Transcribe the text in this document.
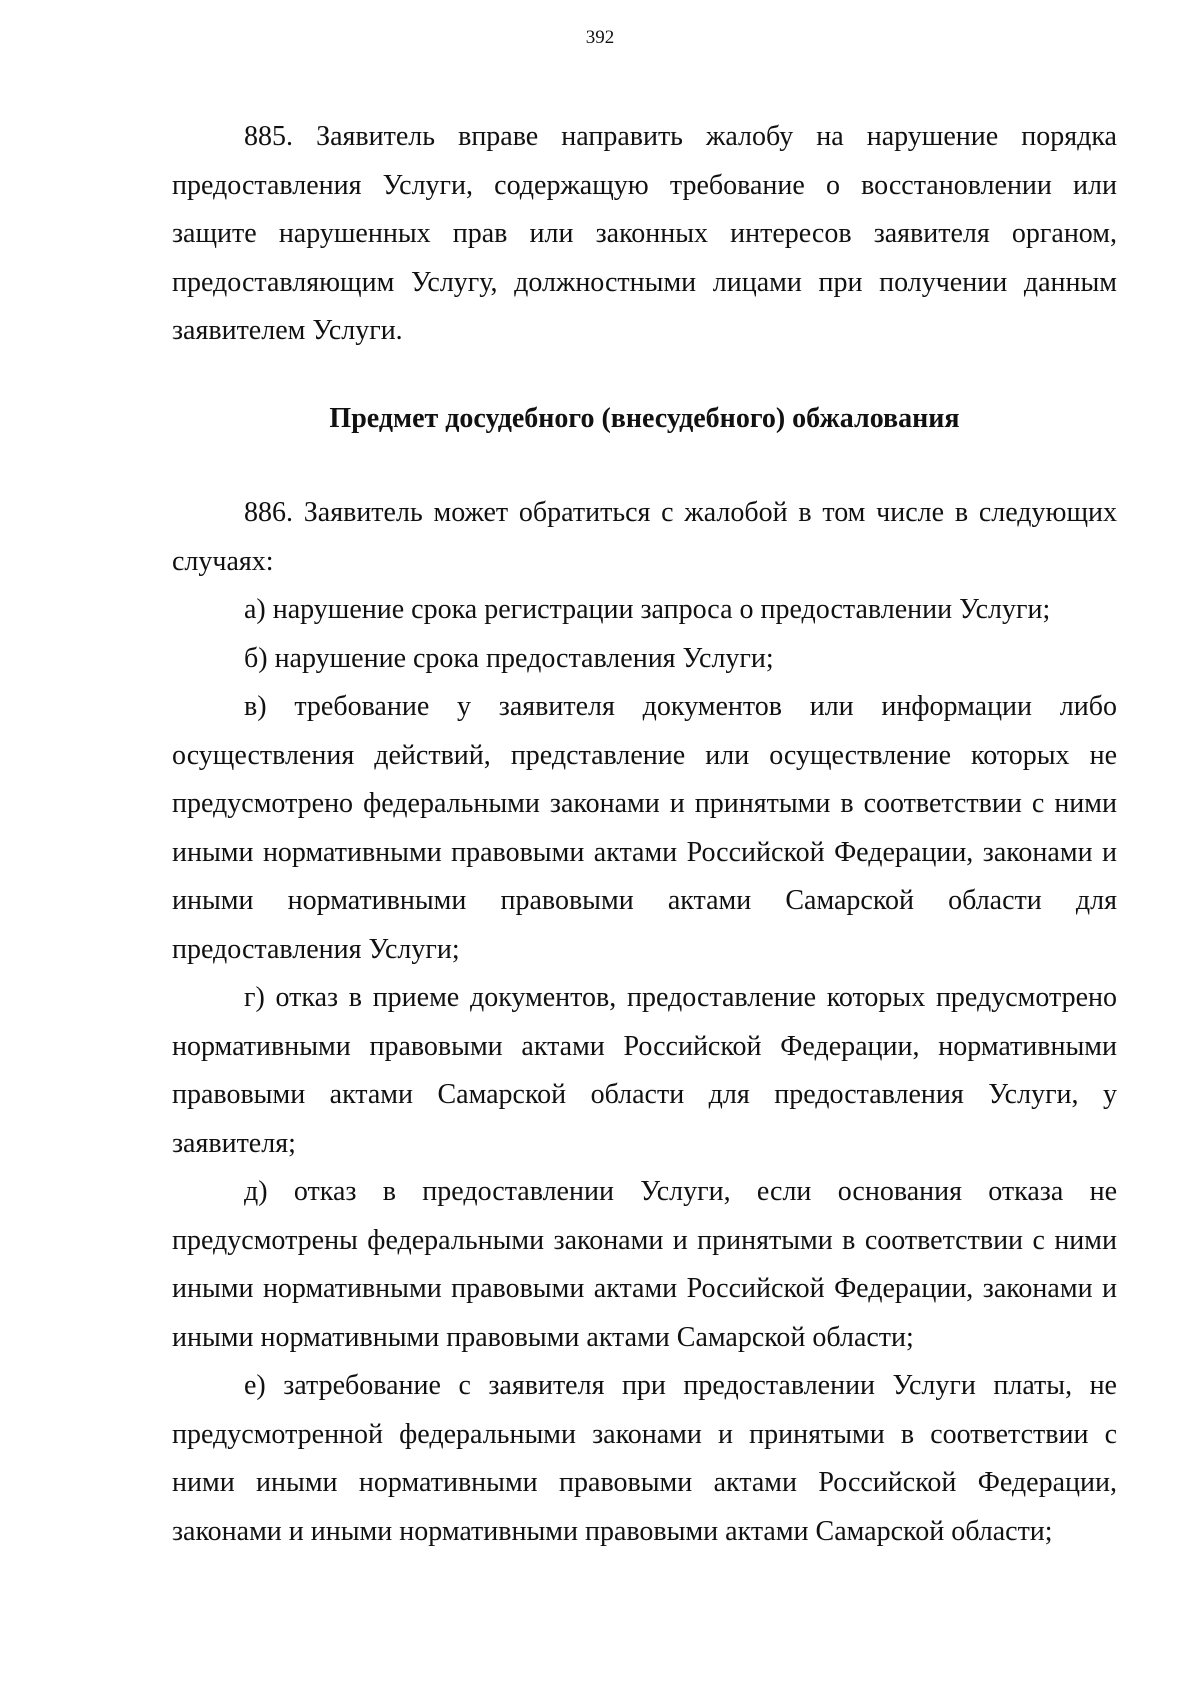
392

885. Заявитель вправе направить жалобу на нарушение порядка предоставления Услуги, содержащую требование о восстановлении или защите нарушенных прав или законных интересов заявителя органом, предоставляющим Услугу, должностными лицами при получении данным заявителем Услуги.

Предмет досудебного (внесудебного) обжалования

886. Заявитель может обратиться с жалобой в том числе в следующих случаях:

а) нарушение срока регистрации запроса о предоставлении Услуги;

б) нарушение срока предоставления Услуги;

в) требование у заявителя документов или информации либо осуществления действий, представление или осуществление которых не предусмотрено федеральными законами и принятыми в соответствии с ними иными нормативными правовыми актами Российской Федерации, законами и иными нормативными правовыми актами Самарской области для предоставления Услуги;

г) отказ в приеме документов, предоставление которых предусмотрено нормативными правовыми актами Российской Федерации, нормативными правовыми актами Самарской области для предоставления Услуги, у заявителя;

д) отказ в предоставлении Услуги, если основания отказа не предусмотрены федеральными законами и принятыми в соответствии с ними иными нормативными правовыми актами Российской Федерации, законами и иными нормативными правовыми актами Самарской области;

е) затребование с заявителя при предоставлении Услуги платы, не предусмотренной федеральными законами и принятыми в соответствии с ними иными нормативными правовыми актами Российской Федерации, законами и иными нормативными правовыми актами Самарской области;
